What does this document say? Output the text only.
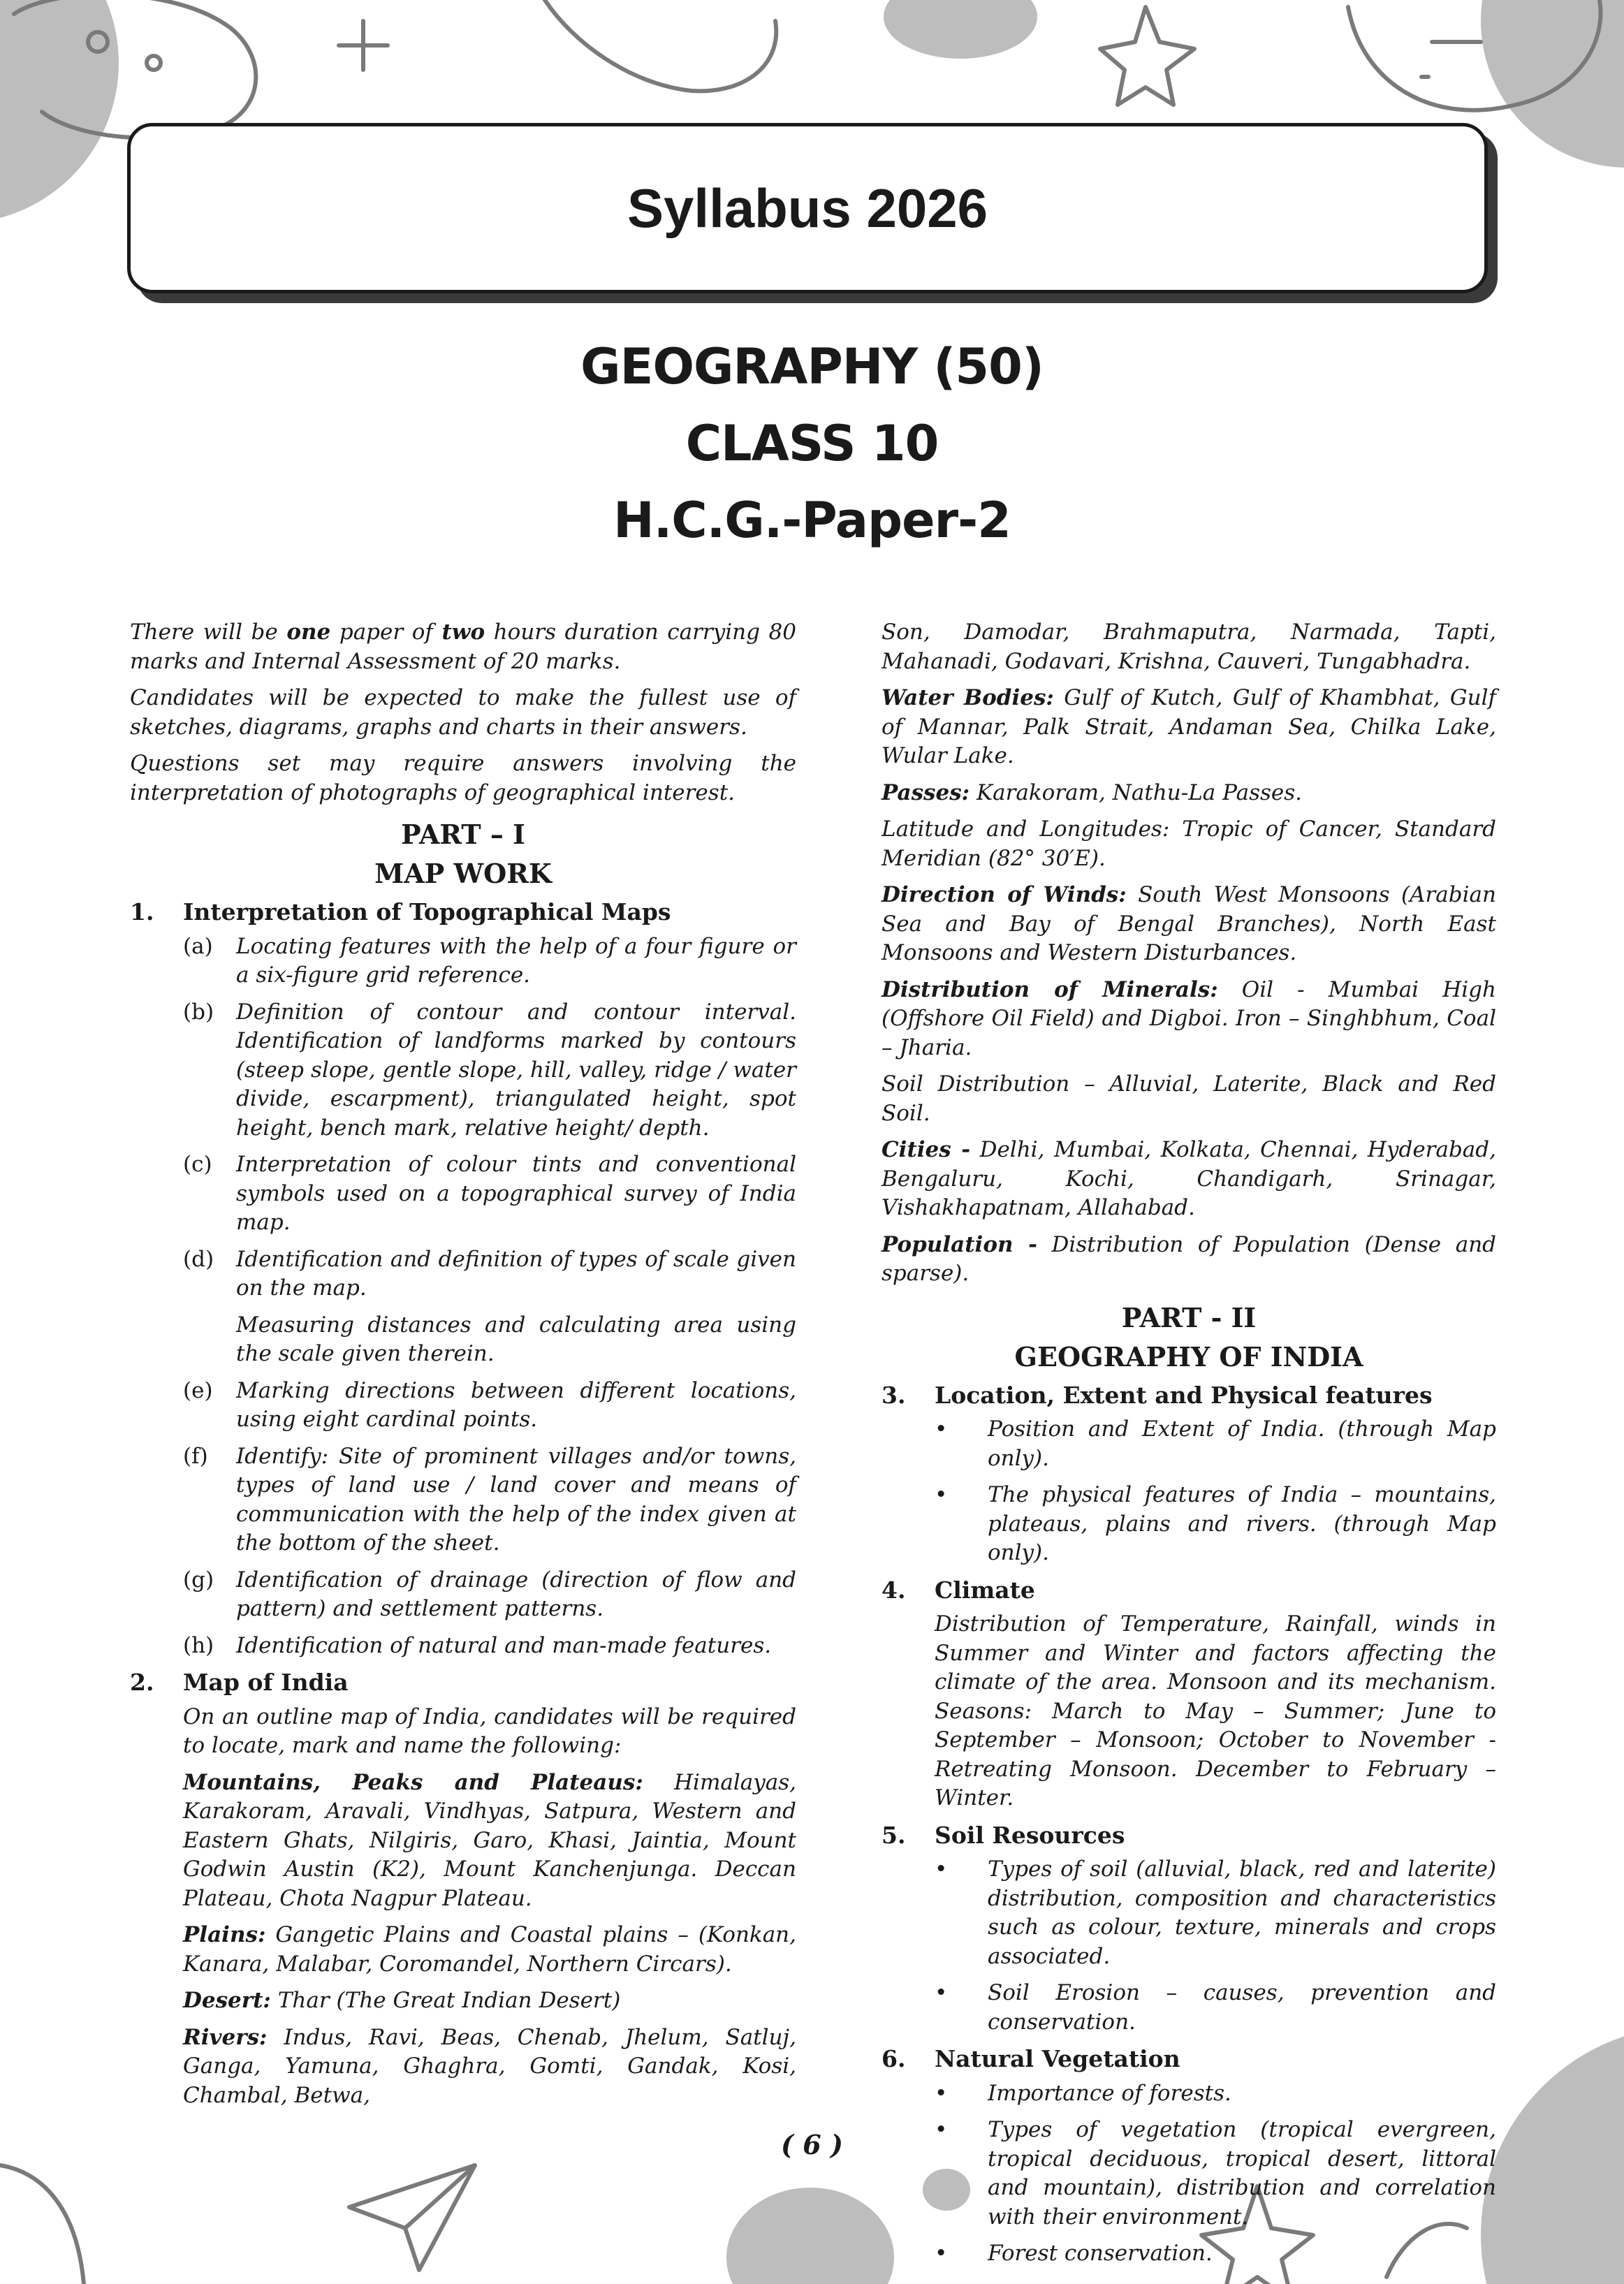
Syllabus 2026
GEOGRAPHY (50)
CLASS 10
H.C.G.-Paper-2
There will be one paper of two hours duration carrying 80 marks and Internal Assessment of 20 marks.
Candidates will be expected to make the fullest use of sketches, diagrams, graphs and charts in their answers.
Questions set may require answers involving the interpretation of photographs of geographical interest.
PART – I
MAP WORK
1.	Interpretation of Topographical Maps
(a)	Locating features with the help of a four figure or a six-figure grid reference.
(b)	Definition of contour and contour interval. Identification of landforms marked by contours (steep slope, gentle slope, hill, valley, ridge / water divide, escarpment), triangulated height, spot height, bench mark, relative height/ depth.
(c)	Interpretation of colour tints and conventional symbols used on a topographical survey of India map.
(d)	Identification and definition of types of scale given on the map.
Measuring distances and calculating area using the scale given therein.
(e)	Marking directions between different locations, using eight cardinal points.
(f)	Identify: Site of prominent villages and/or towns, types of land use / land cover and means of communication with the help of the index given at the bottom of the sheet.
(g)	Identification of drainage (direction of flow and pattern) and settlement patterns.
(h)	Identification of natural and man-made features.
2.	Map of India
On an outline map of India, candidates will be required to locate, mark and name the following:
Mountains, Peaks and Plateaus: Himalayas, Karakoram, Aravali, Vindhyas, Satpura, Western and Eastern Ghats, Nilgiris, Garo, Khasi, Jaintia, Mount Godwin Austin (K2), Mount Kanchenjunga. Deccan Plateau, Chota Nagpur Plateau.
Plains: Gangetic Plains and Coastal plains – (Konkan, Kanara, Malabar, Coromandel, Northern Circars).
Desert: Thar (The Great Indian Desert)
Rivers: Indus, Ravi, Beas, Chenab, Jhelum, Satluj, Ganga, Yamuna, Ghaghra, Gomti, Gandak, Kosi, Chambal, Betwa,
Son, Damodar, Brahmaputra, Narmada, Tapti, Mahanadi, Godavari, Krishna, Cauveri, Tungabhadra.
Water Bodies: Gulf of Kutch, Gulf of Khambhat, Gulf of Mannar, Palk Strait, Andaman Sea, Chilka Lake, Wular Lake.
Passes: Karakoram, Nathu-La Passes.
Latitude and Longitudes: Tropic of Cancer, Standard Meridian (82° 30′E).
Direction of Winds: South West Monsoons (Arabian Sea and Bay of Bengal Branches), North East Monsoons and Western Disturbances.
Distribution of Minerals: Oil - Mumbai High (Offshore Oil Field) and Digboi. Iron – Singhbhum, Coal – Jharia.
Soil Distribution – Alluvial, Laterite, Black and Red Soil.
Cities - Delhi, Mumbai, Kolkata, Chennai, Hyderabad, Bengaluru, Kochi, Chandigarh, Srinagar, Vishakhapatnam, Allahabad.
Population - Distribution of Population (Dense and sparse).
PART - II
GEOGRAPHY OF INDIA
3.	Location, Extent and Physical features
•	Position and Extent of India. (through Map only).
•	The physical features of India – mountains, plateaus, plains and rivers. (through Map only).
4.	Climate
Distribution of Temperature, Rainfall, winds in Summer and Winter and factors affecting the climate of the area. Monsoon and its mechanism. Seasons: March to May – Summer; June to September – Monsoon; October to November - Retreating Monsoon. December to February – Winter.
5.	Soil Resources
•	Types of soil (alluvial, black, red and laterite) distribution, composition and characteristics such as colour, texture, minerals and crops associated.
•	Soil Erosion – causes, prevention and conservation.
6.	Natural Vegetation
•	Importance of forests.
•	Types of vegetation (tropical evergreen, tropical deciduous, tropical desert, littoral and mountain), distribution and correlation with their environment.
•	Forest conservation.
( 6 )
